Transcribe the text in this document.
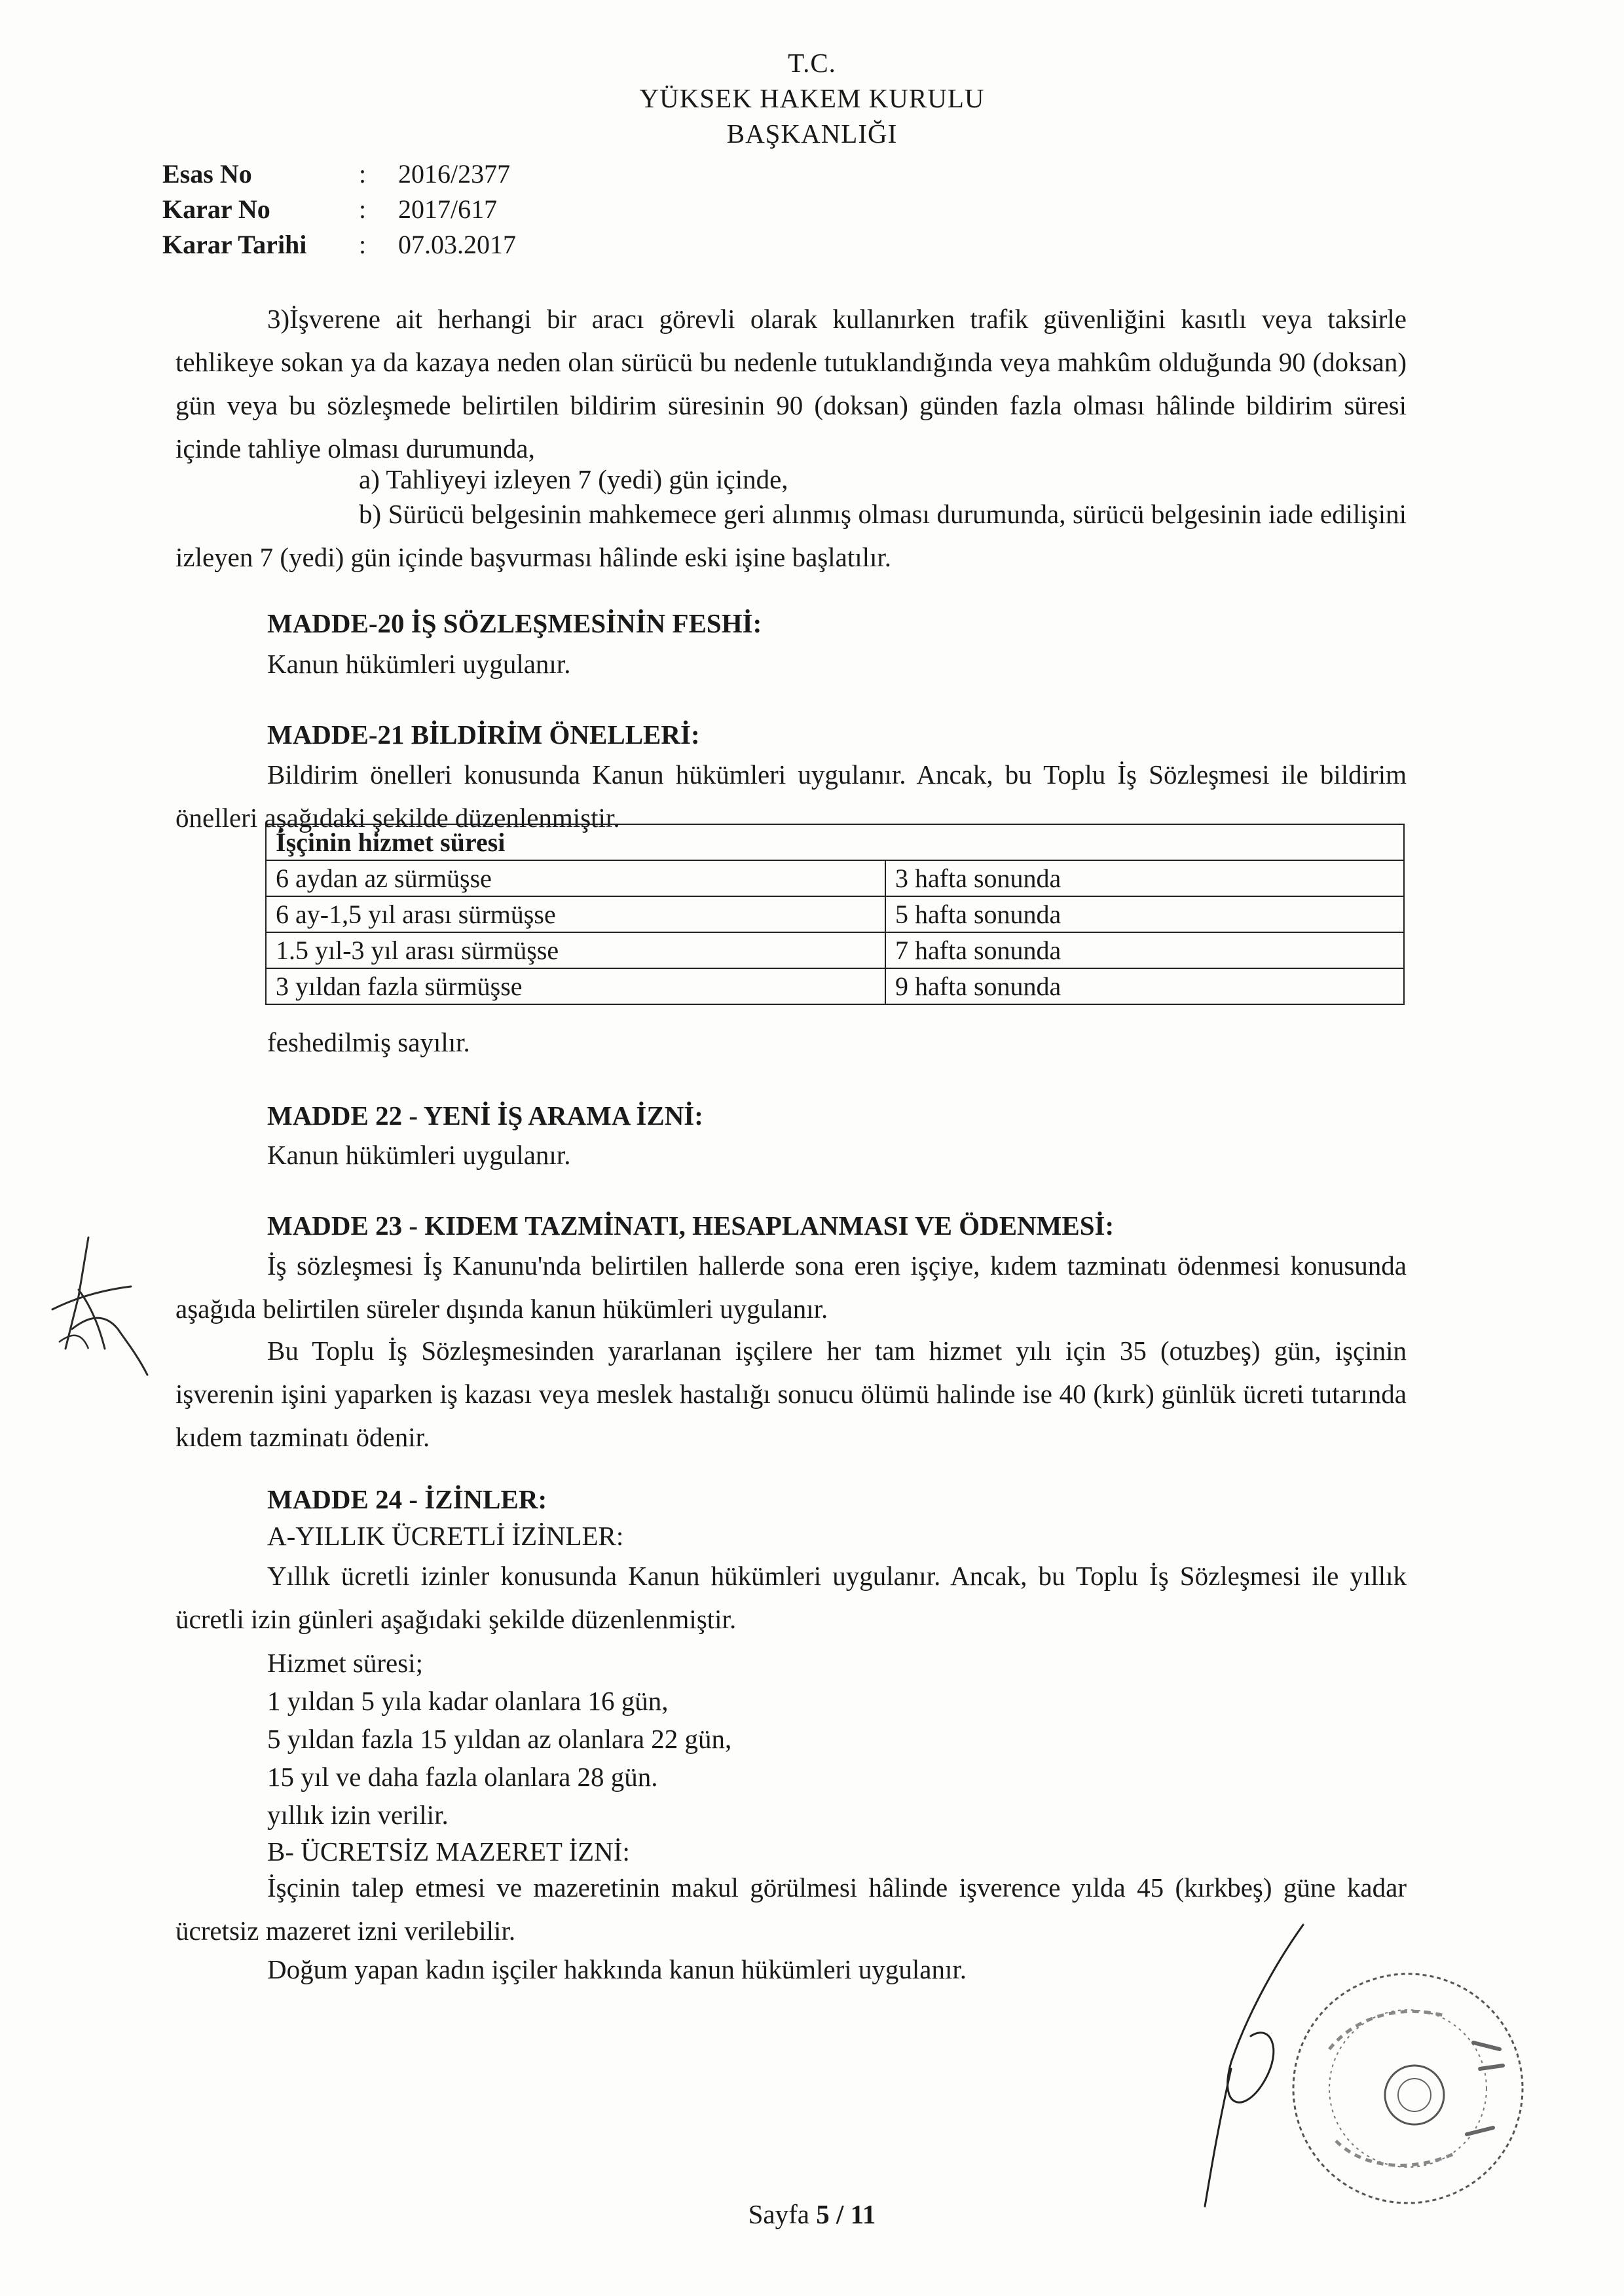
T.C.
YÜKSEK HAKEM KURULU
BAŞKANLIĞI
Esas No	: 2016/2377
Karar No	: 2017/617
Karar Tarihi : 07.03.2017

3)İşverene ait herhangi bir aracı görevli olarak kullanırken trafik güvenliğini kasıtlı veya taksirle tehlikeye sokan ya da kazaya neden olan sürücü bu nedenle tutuklandığında veya mahkûm olduğunda 90 (doksan) gün veya bu sözleşmede belirtilen bildirim süresinin 90 (doksan) günden fazla olması hâlinde bildirim süresi içinde tahliye olması durumunda,

a) Tahliyeyi izleyen 7 (yedi) gün içinde,

b) Sürücü belgesinin mahkemece geri alınmış olması durumunda, sürücü belgesinin iade edilişini izleyen 7 (yedi) gün içinde başvurması hâlinde eski işine başlatılır.

MADDE-20 İŞ SÖZLEŞMESİNİN FESHİ:
Kanun hükümleri uygulanır.
MADDE-21 BİLDİRİM ÖNELLERİ:

Bildirim önelleri konusunda Kanun hükümleri uygulanır. Ancak, bu Toplu İş Sözleşmesi ile bildirim önelleri aşağıdaki şekilde düzenlenmiştir.

İşçinin hizmet süresi	
6 aydan az sürmüşse	3 hafta sonunda
6 ay-1,5 yıl arası sürmüşse	5 hafta sonunda
1.5 yıl-3 yıl arası sürmüşse	7 hafta sonunda
3 yıldan fazla sürmüşse	9 hafta sonunda
feshedilmiş sayılır.
MADDE 22 - YENİ İŞ ARAMA İZNİ:
Kanun hükümleri uygulanır.
MADDE 23 - KIDEM TAZMİNATI, HESAPLANMASI VE ÖDENMESİ:

İş sözleşmesi İş Kanunu'nda belirtilen hallerde sona eren işçiye, kıdem tazminatı ödenmesi konusunda aşağıda belirtilen süreler dışında kanun hükümleri uygulanır.

Bu Toplu İş Sözleşmesinden yararlanan işçilere her tam hizmet yılı için 35 (otuzbeş) gün, işçinin işverenin işini yaparken iş kazası veya meslek hastalığı sonucu ölümü halinde ise 40 (kırk) günlük ücreti tutarında kıdem tazminatı ödenir.

MADDE 24 - İZİNLER:
A-YILLIK ÜCRETLİ İZİNLER:

Yıllık ücretli izinler konusunda Kanun hükümleri uygulanır. Ancak, bu Toplu İş Sözleşmesi ile yıllık ücretli izin günleri aşağıdaki şekilde düzenlenmiştir.

Hizmet süresi;
1 yıldan 5 yıla kadar olanlara 16 gün,
5 yıldan fazla 15 yıldan az olanlara 22 gün,
15 yıl ve daha fazla olanlara 28 gün.
yıllık izin verilir.
B- ÜCRETSİZ MAZERET İZNİ:

İşçinin talep etmesi ve mazeretinin makul görülmesi hâlinde işverence yılda 45 (kırkbeş) güne kadar ücretsiz mazeret izni verilebilir.

Doğum yapan kadın işçiler hakkında kanun hükümleri uygulanır.
Sayfa 5 / 11
